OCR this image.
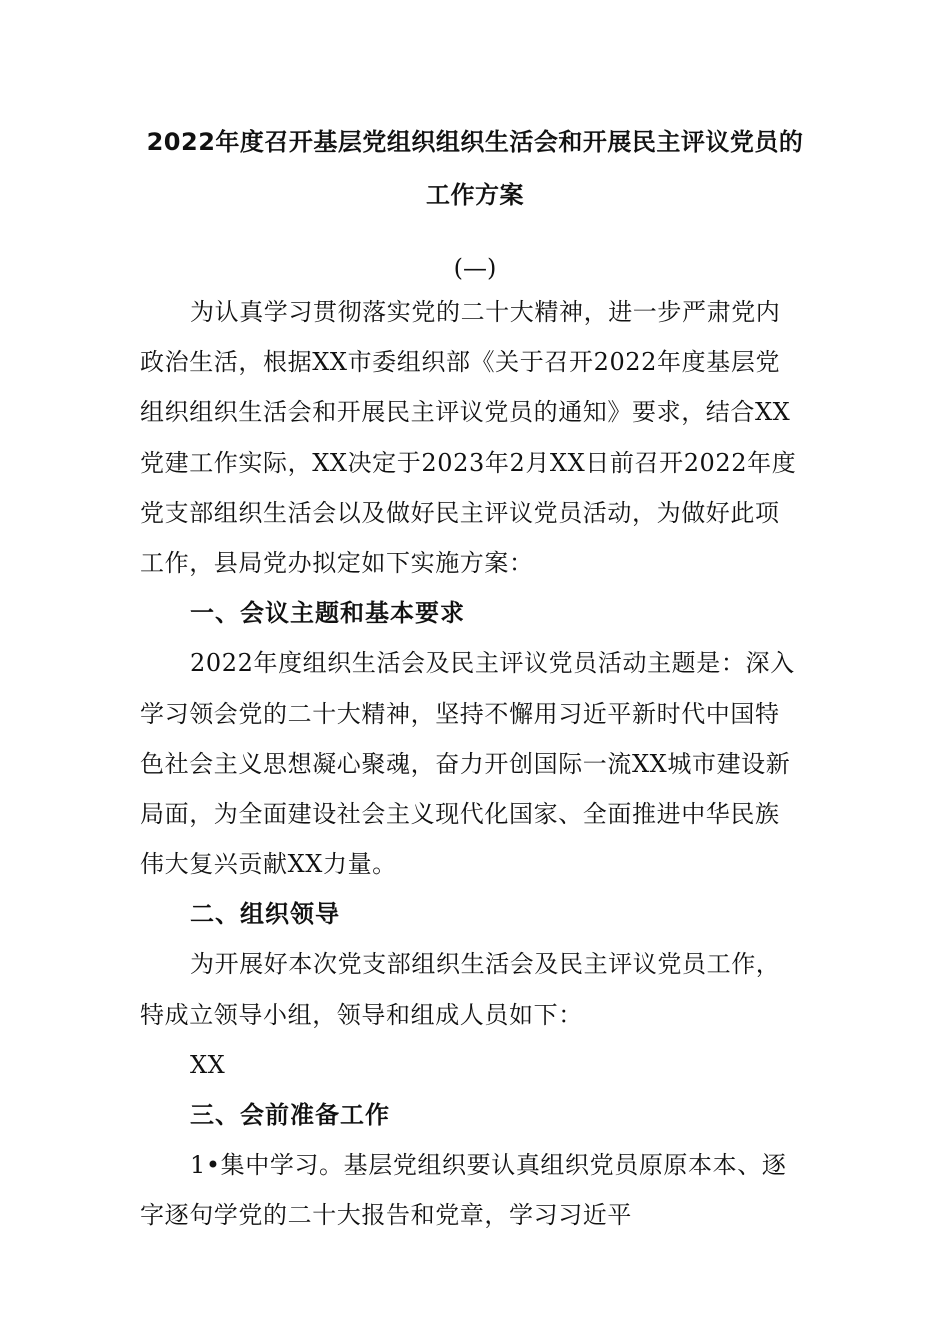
2022年度召开基层党组织组织生活会和开展民主评议党员的
工作方案
(—)
为认真学习贯彻落实党的二十大精神，进一步严肃党内
政治生活，根据XX市委组织部《关于召开2022年度基层党
组织组织生活会和开展民主评议党员的通知》要求，结合XX
党建工作实际，XX决定于2023年2月XX日前召开2022年度
党支部组织生活会以及做好民主评议党员活动，为做好此项
工作，县局党办拟定如下实施方案：
一、会议主题和基本要求
2022年度组织生活会及民主评议党员活动主题是：深入
学习领会党的二十大精神，坚持不懈用习近平新时代中国特
色社会主义思想凝心聚魂，奋力开创国际一流XX城市建设新
局面，为全面建设社会主义现代化国家、全面推进中华民族
伟大复兴贡献XX力量。
二、组织领导
为开展好本次党支部组织生活会及民主评议党员工作，
特成立领导小组，领导和组成人员如下：
XX
三、会前准备工作
1•集中学习。基层党组织要认真组织党员原原本本、逐
字逐句学党的二十大报告和党章，学习习近平
